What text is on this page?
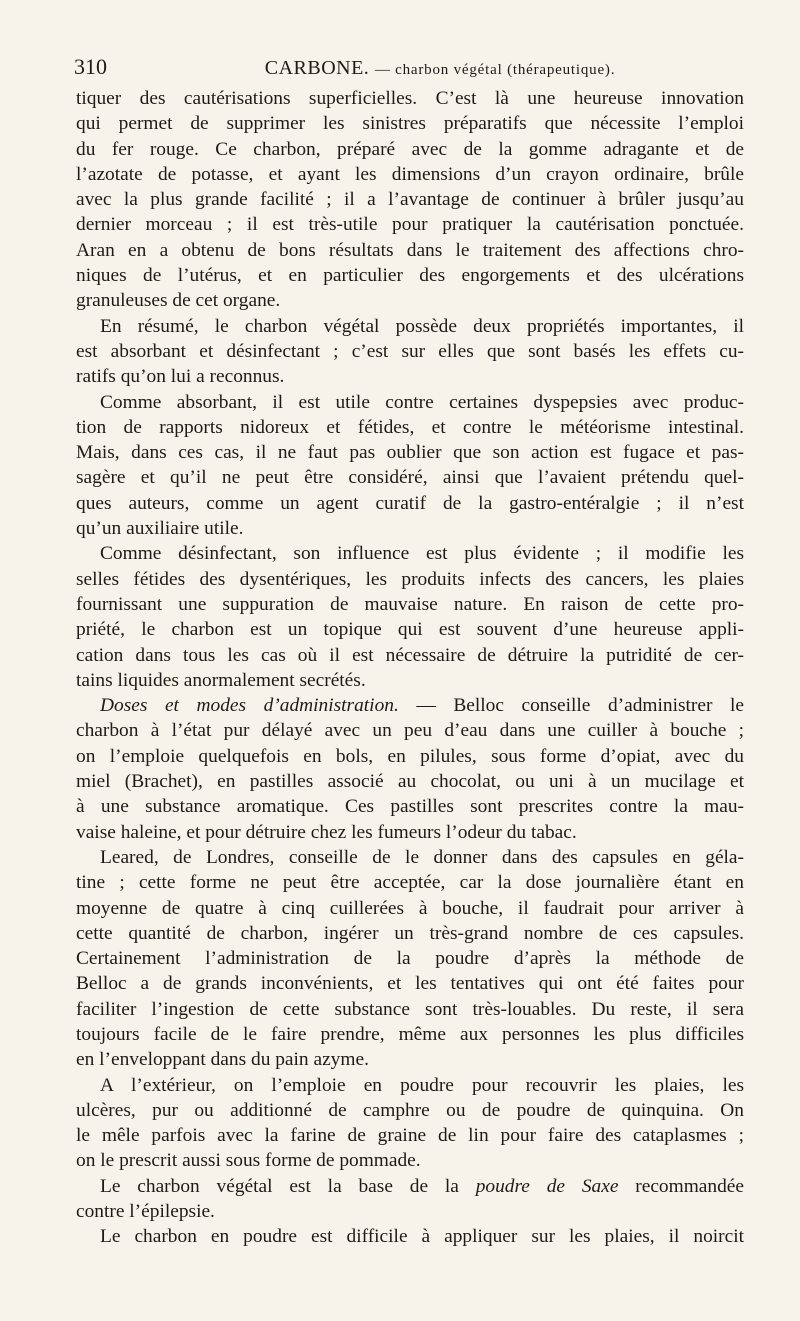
310	CARBONE. — charbon végétal (thérapeutique).
tiquer des cautérisations superficielles. C’est là une heureuse innovation
qui permet de supprimer les sinistres préparatifs que nécessite l’emploi
du fer rouge. Ce charbon, préparé avec de la gomme adragante et de
l’azotate de potasse, et ayant les dimensions d’un crayon ordinaire, brûle
avec la plus grande facilité ; il a l’avantage de continuer à brûler jusqu’au
dernier morceau ; il est très-utile pour pratiquer la cautérisation ponctuée.
Aran en a obtenu de bons résultats dans le traitement des affections chro-
niques de l’utérus, et en particulier des engorgements et des ulcérations
granuleuses de cet organe.
En résumé, le charbon végétal possède deux propriétés importantes, il
est absorbant et désinfectant ; c’est sur elles que sont basés les effets cu-
ratifs qu’on lui a reconnus.
Comme absorbant, il est utile contre certaines dyspepsies avec produc-
tion de rapports nidoreux et fétides, et contre le météorisme intestinal.
Mais, dans ces cas, il ne faut pas oublier que son action est fugace et pas-
sagère et qu’il ne peut être considéré, ainsi que l’avaient prétendu quel-
ques auteurs, comme un agent curatif de la gastro-entéralgie ; il n’est
qu’un auxiliaire utile.
Comme désinfectant, son influence est plus évidente ; il modifie les
selles fétides des dysentériques, les produits infects des cancers, les plaies
fournissant une suppuration de mauvaise nature. En raison de cette pro-
priété, le charbon est un topique qui est souvent d’une heureuse appli-
cation dans tous les cas où il est nécessaire de détruire la putridité de cer-
tains liquides anormalement secrétés.
Doses et modes d’administration. — Belloc conseille d’administrer le
charbon à l’état pur délayé avec un peu d’eau dans une cuiller à bouche ;
on l’emploie quelquefois en bols, en pilules, sous forme d’opiat, avec du
miel (Brachet), en pastilles associé au chocolat, ou uni à un mucilage et
à une substance aromatique. Ces pastilles sont prescrites contre la mau-
vaise haleine, et pour détruire chez les fumeurs l’odeur du tabac.
Leared, de Londres, conseille de le donner dans des capsules en géla-
tine ; cette forme ne peut être acceptée, car la dose journalière étant en
moyenne de quatre à cinq cuillerées à bouche, il faudrait pour arriver à
cette quantité de charbon, ingérer un très-grand nombre de ces capsules.
Certainement l’administration de la poudre d’après la méthode de
Belloc a de grands inconvénients, et les tentatives qui ont été faites pour
faciliter l’ingestion de cette substance sont très-louables. Du reste, il sera
toujours facile de le faire prendre, même aux personnes les plus difficiles
en l’enveloppant dans du pain azyme.
A l’extérieur, on l’emploie en poudre pour recouvrir les plaies, les
ulcères, pur ou additionné de camphre ou de poudre de quinquina. On
le mêle parfois avec la farine de graine de lin pour faire des cataplasmes ;
on le prescrit aussi sous forme de pommade.
Le charbon végétal est la base de la poudre de Saxe recommandée
contre l’épilepsie.
Le charbon en poudre est difficile à appliquer sur les plaies, il noircit
